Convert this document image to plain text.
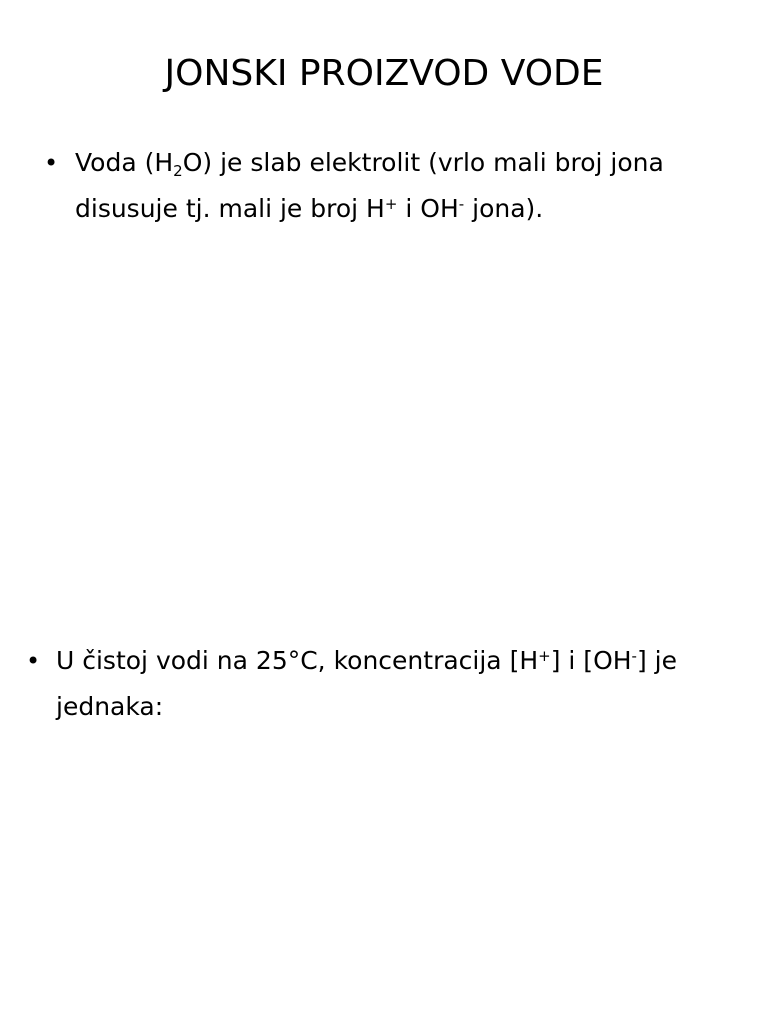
JONSKI PROIZVOD VODE
• Voda $(H_2O)$ je slab elektrolit (vrlo mali broj jona disusuje tj. mali je broj H+ i OH- jona).
• U čistoj vodi na 25°C, koncentracija [H+] i [OH-] je jednaka:
